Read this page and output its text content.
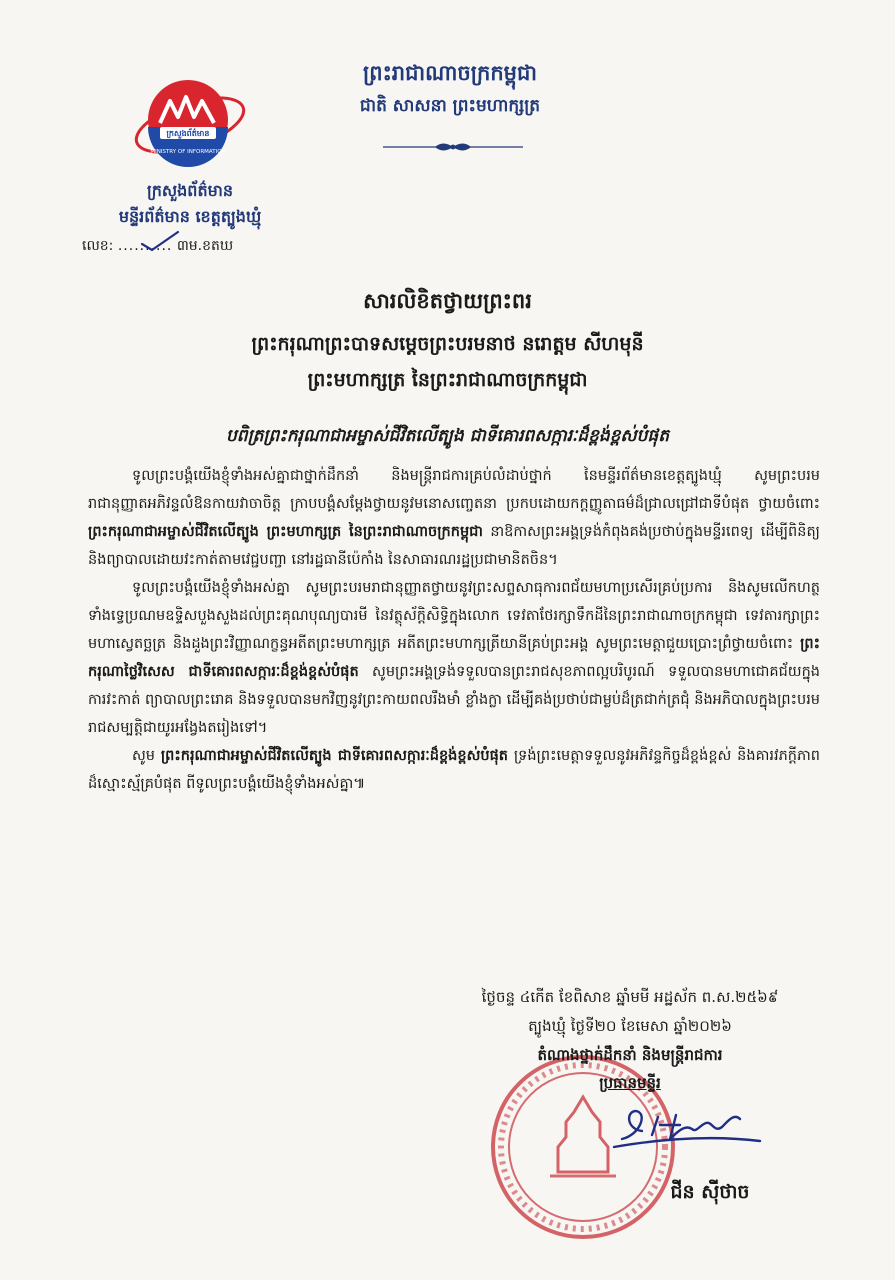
ព្រះរាជាណាចក្រកម្ពុជា
ជាតិ សាសនា ព្រះមហាក្សត្រ
ក្រសួងព័ត៌មាន
MINISTRY OF INFORMATION
ក្រសួងព័ត៌មាន
មន្ទីរព័ត៌មាន ខេត្តត្បូងឃ្មុំ
លេខ: .......... ៣ម.ខតឃ
សារលិខិតថ្វាយព្រះពរ
ព្រះករុណាព្រះបាទសម្តេចព្រះបរមនាថ នរោត្តម សីហមុនី
ព្រះមហាក្សត្រ នៃព្រះរាជាណាចក្រកម្ពុជា
បពិត្រព្រះករុណាជាអម្ចាស់ជីវិតលើត្បូង ជាទីគោរពសក្ការៈដ៏ខ្ពង់ខ្ពស់បំផុត

ទូលព្រះបង្គំយើងខ្ញុំទាំងអស់គ្នាជាថ្នាក់ដឹកនាំ និងមន្ត្រីរាជការគ្រប់លំដាប់ថ្នាក់ នៃមន្ទីរព័ត៌មានខេត្តត្បូងឃ្មុំ សូមព្រះបរមរាជានុញ្ញាតអភិវន្ទលំឱនកាយវាចាចិត្ត ក្រាបបង្គំសម្តែងថ្វាយនូវមនោសញ្ចេតនា ប្រកបដោយកក្តញ្ញូតាធម៌ដ៏ជ្រាលជ្រៅជាទីបំផុត ថ្វាយចំពោះ ព្រះករុណាជាអម្ចាស់ជីវិតលើត្បូង ព្រះមហាក្សត្រ នៃព្រះរាជាណាចក្រកម្ពុជា នាឱកាសព្រះអង្គទ្រង់កំពុងគង់ប្រថាប់ក្នុងមន្ទីរពេទ្យ ដើម្បីពិនិត្យនិងព្យាបាលដោយវះកាត់តាមវេជ្ជបញ្ជា នៅរដ្ឋធានីប៉េកាំង នៃសាធារណរដ្ឋប្រជាមានិតចិន។

ទូលព្រះបង្គំយើងខ្ញុំទាំងអស់គ្នា សូមព្រះបរមរាជានុញ្ញាតថ្វាយនូវព្រះសព្ទសាធុការពជ័យមហាប្រសើរគ្រប់ប្រការ និងសូមលើកហត្ថទាំងទ្វេប្រណមឧទ្ទិសបួងសួងដល់ព្រះគុណបុណ្យបារមី នៃវត្ថុស័ក្តិសិទ្ធិក្នុងលោក ទេវតាថែរក្សាទឹកដីនៃព្រះរាជាណាចក្រកម្ពុជា ទេវតារក្សាព្រះមហាស្វេតច្ឆត្រ និងដួងព្រះវិញ្ញាណក្ខន្ធអតីតព្រះមហាក្សត្រ អតីតព្រះមហាក្សត្រីយានីគ្រប់ព្រះអង្គ សូមព្រះមេត្តាជួយប្រោះព្រំថ្វាយចំពោះ ព្រះករុណាថ្លៃវិសេស ជាទីគោរពសក្ការៈដ៏ខ្ពង់ខ្ពស់បំផុត សូមព្រះអង្គទ្រង់ទទួលបានព្រះរាជសុខភាពល្អបរិបូរណ៍ ទទួលបានមហាជោគជ័យក្នុងការវះកាត់ ព្យាបាលព្រះរោគ និងទទួលបានមកវិញនូវព្រះកាយពលរឹងមាំ ខ្លាំងក្លា ដើម្បីគង់ប្រថាប់ជាម្លប់ដ៏ត្រជាក់ត្រជុំ និងអភិបាលក្នុងព្រះបរមរាជសម្បត្តិជាយូរអង្វែងតរៀងទៅ។

សូម ព្រះករុណាជាអម្ចាស់ជីវិតលើត្បូង ជាទីគោរពសក្ការៈដ៏ខ្ពង់ខ្ពស់បំផុត ទ្រង់ព្រះមេត្តាទទួលនូវអភិវន្ទកិច្ចដ៏ខ្ពង់ខ្ពស់ និងគារវភក្តីភាពដ៏ស្មោះស្ម័គ្របំផុត ពីទូលព្រះបង្គំយើងខ្ញុំទាំងអស់គ្នា៕

ថ្ងៃចន្ទ ៤កើត ខែពិសាខ ឆ្នាំមមី អដ្ឋស័ក ព.ស.២៥៦៩
ត្បូងឃ្មុំ ថ្ងៃទី២០ ខែមេសា ឆ្នាំ២០២៦
តំណាងថ្នាក់ដឹកនាំ និងមន្ត្រីរាជការ
ប្រធានមន្ទីរ
ជីន ស៊ីថាច
